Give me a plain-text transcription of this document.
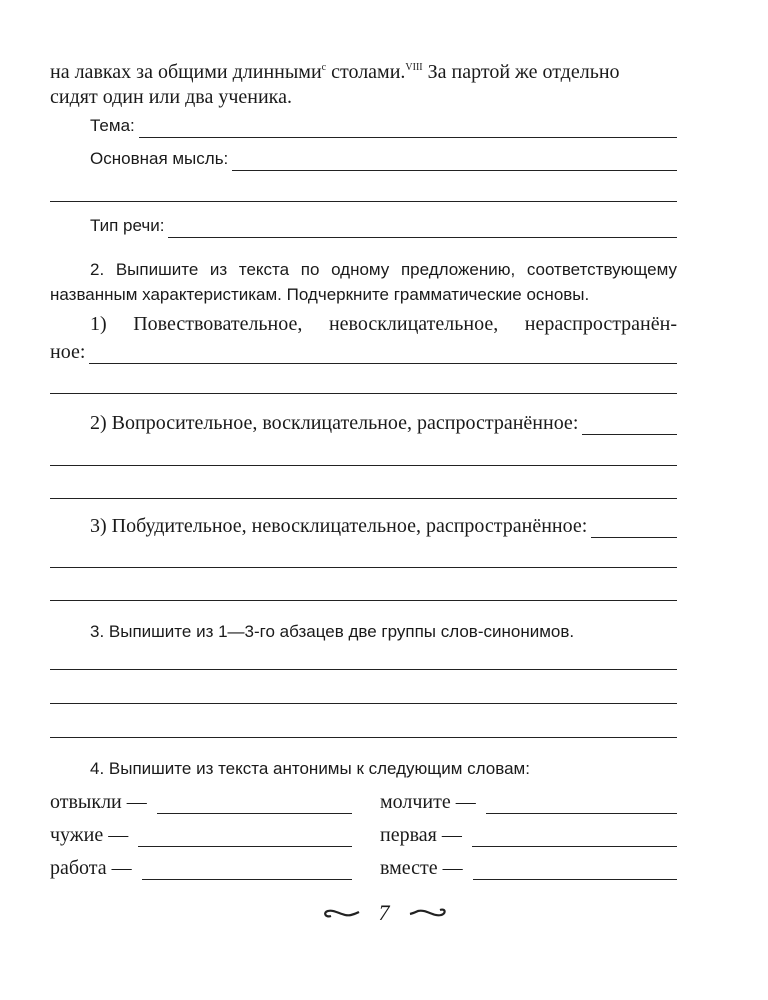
на лавках за общими длинными$^с$ столами.$^{VIII}$ За партой же отдельно
сидят один или два ученика.
Тема:
Основная мысль:
Тип речи:
2. Выпишите из текста по одному предложению, соответствующему названным характеристикам. Подчеркните грамматические основы.
1) Повествовательное, невосклицательное, нераспространён-
ное:
2) Вопросительное, восклицательное, распространённое:
3) Побудительное, невосклицательное, распространённое:
3. Выпишите из 1—3-го абзацев две группы слов-синонимов.
4. Выпишите из текста антонимы к следующим словам:
отвыкли —	молчите —
чужие —	первая —
работа —	вместе —
7
